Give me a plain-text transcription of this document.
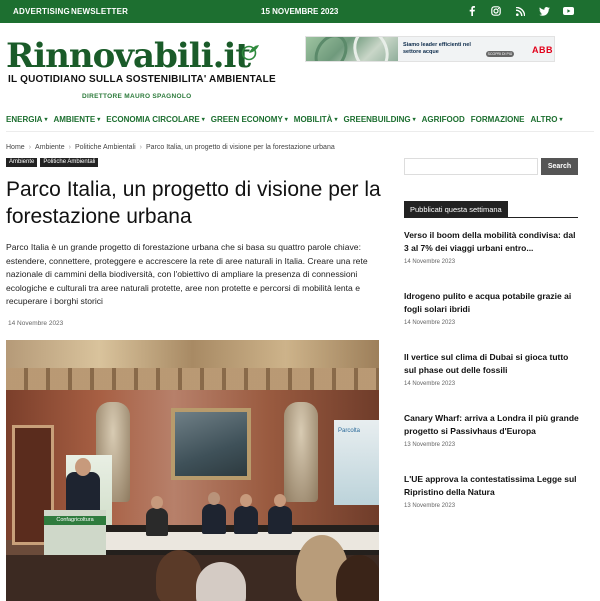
ADVERTISING NEWSLETTER	15 NOVEMBRE 2023
Rinnovabili.it
IL QUOTIDIANO SULLA SOSTENIBILITA' AMBIENTALE
DIRETTORE MAURO SPAGNOLO
Siamo leader efficienti nel settore acque	SCOPRI DI PIÙ ABB
ENERGIA ▾ AMBIENTE ▾ ECONOMIA CIRCOLARE ▾ GREEN ECONOMY ▾ MOBILITÀ ▾ GREENBUILDING ▾ AGRIFOOD FORMAZIONE ALTRO ▾
Home › Ambiente › Politiche Ambientali › Parco Italia, un progetto di visione per la forestazione urbana
Ambiente	Politiche Ambientali
Parco Italia, un progetto di visione per la forestazione urbana

Parco Italia è un grande progetto di forestazione urbana che si basa su quattro parole chiave: estendere, connettere, proteggere e accrescere la rete di aree naturali in Italia. Creare una rete nazionale di cammini della biodiversità, con l'obiettivo di ampliare la presenza di connessioni ecologiche e culturali tra aree naturali protette, aree non protette e percorsi di mobilità lenta e recuperare i borghi storici

14 Novembre 2023
Parcolta
Confagricoltura
Search
Pubblicati questa settimana
Verso il boom della mobilità condivisa: dal 3 al 7% dei viaggi urbani entro...
14 Novembre 2023
Idrogeno pulito e acqua potabile grazie ai fogli solari ibridi
14 Novembre 2023
Il vertice sul clima di Dubai si gioca tutto sul phase out delle fossili
14 Novembre 2023
Canary Wharf: arriva a Londra il più grande progetto si Passivhaus d'Europa
13 Novembre 2023
L'UE approva la contestatissima Legge sul Ripristino della Natura
13 Novembre 2023
